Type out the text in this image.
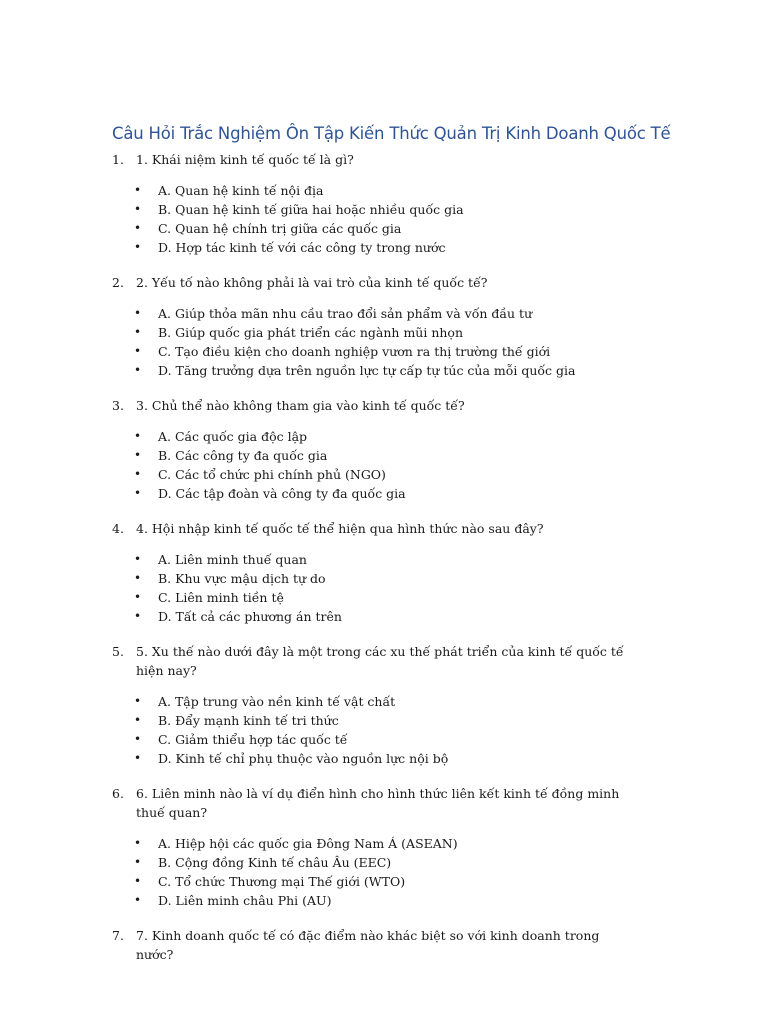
Câu Hỏi Trắc Nghiệm Ôn Tập Kiến Thức Quản Trị Kinh Doanh Quốc Tế
1. 1. Khái niệm kinh tế quốc tế là gì?
• A. Quan hệ kinh tế nội địa
• B. Quan hệ kinh tế giữa hai hoặc nhiều quốc gia
• C. Quan hệ chính trị giữa các quốc gia
• D. Hợp tác kinh tế với các công ty trong nước
2. 2. Yếu tố nào không phải là vai trò của kinh tế quốc tế?
• A. Giúp thỏa mãn nhu cầu trao đổi sản phẩm và vốn đầu tư
• B. Giúp quốc gia phát triển các ngành mũi nhọn
• C. Tạo điều kiện cho doanh nghiệp vươn ra thị trường thế giới
• D. Tăng trưởng dựa trên nguồn lực tự cấp tự túc của mỗi quốc gia
3. 3. Chủ thể nào không tham gia vào kinh tế quốc tế?
• A. Các quốc gia độc lập
• B. Các công ty đa quốc gia
• C. Các tổ chức phi chính phủ (NGO)
• D. Các tập đoàn và công ty đa quốc gia
4. 4. Hội nhập kinh tế quốc tế thể hiện qua hình thức nào sau đây?
• A. Liên minh thuế quan
• B. Khu vực mậu dịch tự do
• C. Liên minh tiền tệ
• D. Tất cả các phương án trên
5. 5. Xu thế nào dưới đây là một trong các xu thế phát triển của kinh tế quốc tế hiện nay?
• A. Tập trung vào nền kinh tế vật chất
• B. Đẩy mạnh kinh tế tri thức
• C. Giảm thiểu hợp tác quốc tế
• D. Kinh tế chỉ phụ thuộc vào nguồn lực nội bộ
6. 6. Liên minh nào là ví dụ điển hình cho hình thức liên kết kinh tế đồng minh thuế quan?
• A. Hiệp hội các quốc gia Đông Nam Á (ASEAN)
• B. Cộng đồng Kinh tế châu Âu (EEC)
• C. Tổ chức Thương mại Thế giới (WTO)
• D. Liên minh châu Phi (AU)
7. 7. Kinh doanh quốc tế có đặc điểm nào khác biệt so với kinh doanh trong nước?
